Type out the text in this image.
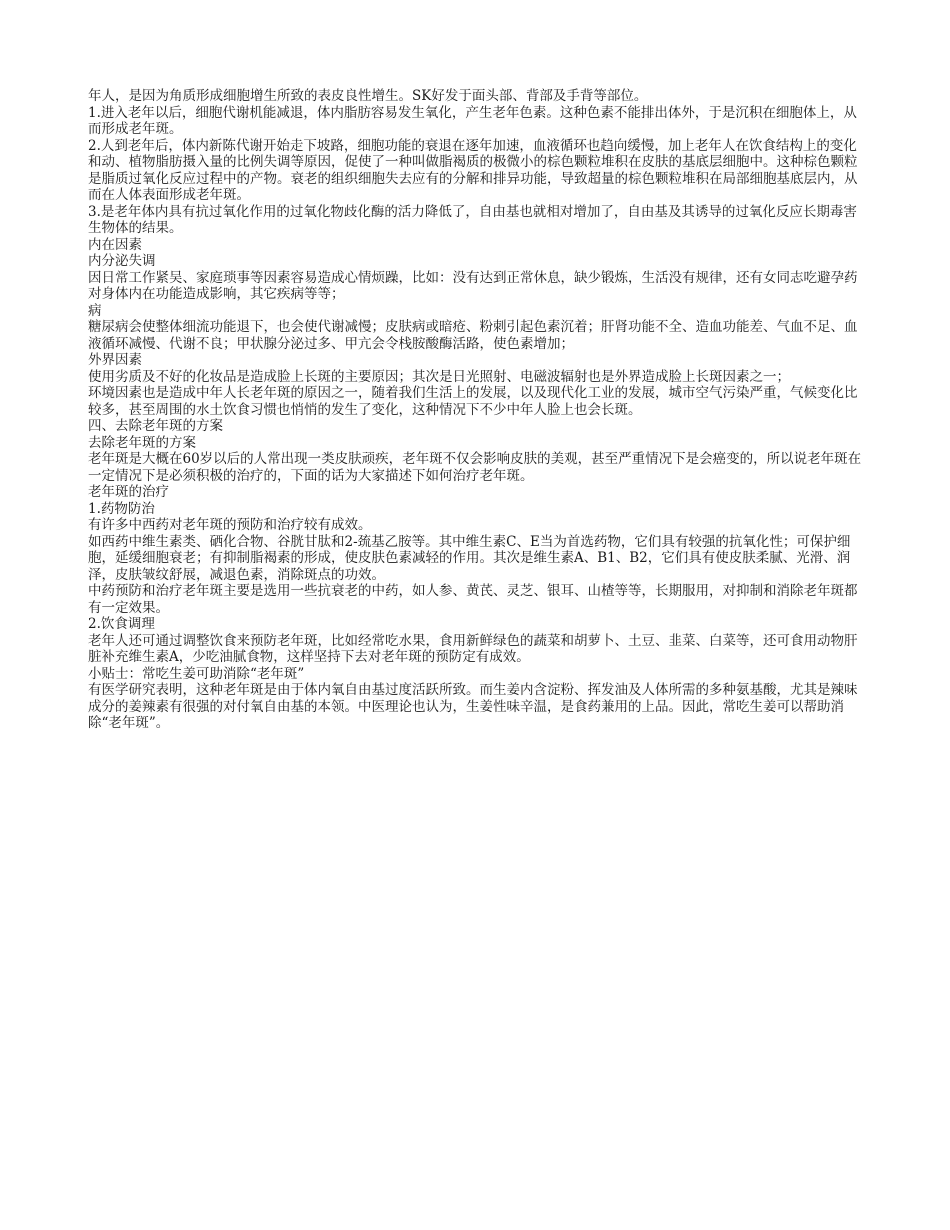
年人，是因为角质形成细胞增生所致的表皮良性增生。SK好发于面头部、背部及手背等部位。

1.进入老年以后，细胞代谢机能减退，体内脂肪容易发生氧化，产生老年色素。这种色素不能排出体外，于是沉积在细胞体上，从而形成老年斑。

2.人到老年后，体内新陈代谢开始走下坡路，细胞功能的衰退在逐年加速，血液循环也趋向缓慢，加上老年人在饮食结构上的变化和动、植物脂肪摄入量的比例失调等原因，促使了一种叫做脂褐质的极微小的棕色颗粒堆积在皮肤的基底层细胞中。这种棕色颗粒是脂质过氧化反应过程中的产物。衰老的组织细胞失去应有的分解和排异功能，导致超量的棕色颗粒堆积在局部细胞基底层内，从而在人体表面形成老年斑。

3.是老年体内具有抗过氧化作用的过氧化物歧化酶的活力降低了，自由基也就相对增加了，自由基及其诱导的过氧化反应长期毒害生物体的结果。

内在因素

内分泌失调

因日常工作紧吴、家庭琐事等因素容易造成心情烦躁，比如：没有达到正常休息，缺少锻炼，生活没有规律，还有女同志吃避孕药对身体内在功能造成影响，其它疾病等等；

病

糖尿病会使整体细流功能退下，也会使代谢减慢；皮肤病或暗疮、粉刺引起色素沉着；肝肾功能不全、造血功能差、气血不足、血液循环减慢、代谢不良；甲状腺分泌过多、甲亢会令栈胺酸酶活路，使色素增加；

外界因素

使用劣质及不好的化妆品是造成脸上长斑的主要原因；其次是日光照射、电磁波辐射也是外界造成脸上长斑因素之一；

环境因素也是造成中年人长老年斑的原因之一，随着我们生活上的发展，以及现代化工业的发展，城市空气污染严重，气候变化比较多，甚至周围的水土饮食习惯也悄悄的发生了变化，这种情况下不少中年人脸上也会长斑。

四、去除老年斑的方案

去除老年斑的方案

老年斑是大概在60岁以后的人常出现一类皮肤顽疾，老年斑不仅会影响皮肤的美观，甚至严重情况下是会癌变的，所以说老年斑在一定情况下是必须积极的治疗的，下面的话为大家描述下如何治疗老年斑。

老年斑的治疗

1.药物防治

有许多中西药对老年斑的预防和治疗较有成效。

如西药中维生素类、硒化合物、谷胱甘肽和2-巯基乙胺等。其中维生素C、E当为首选药物，它们具有较强的抗氧化性；可保护细胞，延缓细胞衰老；有抑制脂褐素的形成，使皮肤色素减轻的作用。其次是维生素A、B1、B2，它们具有使皮肤柔腻、光滑、润泽，皮肤皱纹舒展，减退色素，消除斑点的功效。

中药预防和治疗老年斑主要是选用一些抗衰老的中药，如人参、黄芪、灵芝、银耳、山楂等等，长期服用，对抑制和消除老年斑都有一定效果。

2.饮食调理

老年人还可通过调整饮食来预防老年斑，比如经常吃水果，食用新鲜绿色的蔬菜和胡萝卜、土豆、韭菜、白菜等，还可食用动物肝脏补充维生素A，少吃油腻食物，这样坚持下去对老年斑的预防定有成效。

小贴士：常吃生姜可助消除“老年斑”

有医学研究表明，这种老年斑是由于体内氧自由基过度活跃所致。而生姜内含淀粉、挥发油及人体所需的多种氨基酸，尤其是辣味成分的姜辣素有很强的对付氧自由基的本领。中医理论也认为，生姜性味辛温，是食药兼用的上品。因此，常吃生姜可以帮助消除“老年斑”。
